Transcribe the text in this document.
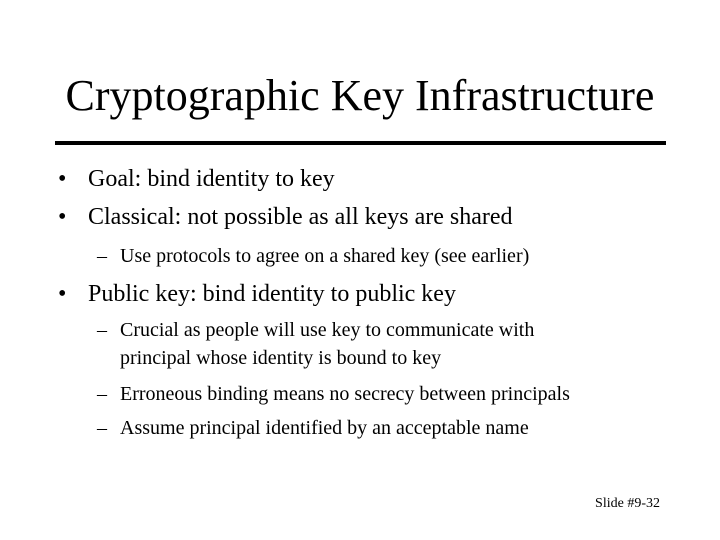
Cryptographic Key Infrastructure
• Goal: bind identity to key
• Classical: not possible as all keys are shared
– Use protocols to agree on a shared key (see earlier)
• Public key: bind identity to public key
– Crucial as people will use key to communicate with
principal whose identity is bound to key
– Erroneous binding means no secrecy between principals
– Assume principal identified by an acceptable name
Slide #9-32
